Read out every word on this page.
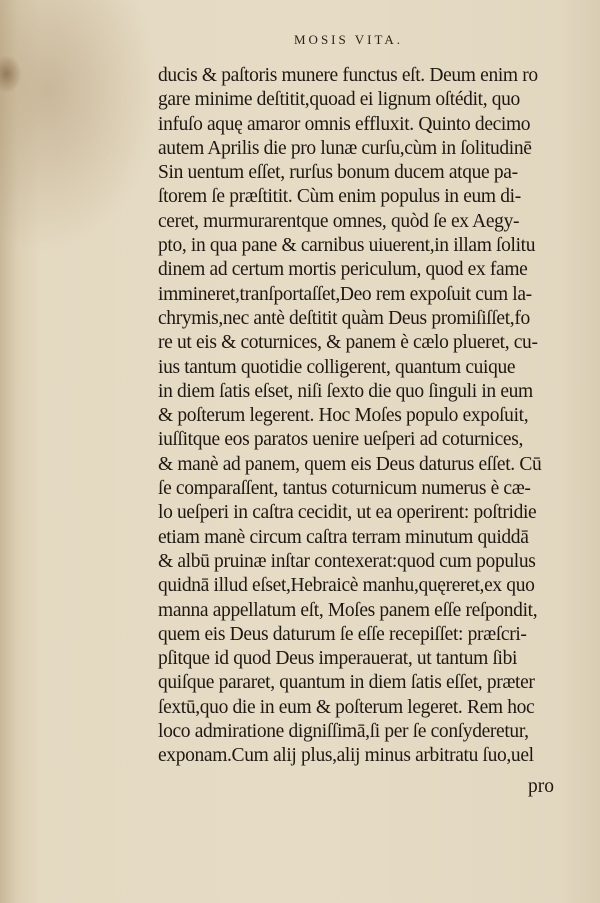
MOSIS VITA.
ducis & paſtoris munere functus eſt. Deum enim ro
gare minime deſtitit,quoad ei lignum oſtédit, quo
infuſo aquę amaror omnis effluxit. Quinto decimo
autem Aprilis die pro lunæ curſu,cùm in ſolitudinē
Sin uentum eſſet, rurſus bonum ducem atque pa-
ſtorem ſe præſtitit. Cùm enim populus in eum di-
ceret, murmurarentque omnes, quòd ſe ex Aegy-
pto, in qua pane & carnibus uiuerent,in illam ſolitu
dinem ad certum mortis periculum, quod ex fame
immineret,tranſportaſſet,Deo rem expoſuit cum la-
chrymis,nec antè deſtitit quàm Deus promiſiſſet,fo
re ut eis & coturnices, & panem è cælo plueret, cu-
ius tantum quotidie colligerent, quantum cuique
in diem ſatis eſset, niſi ſexto die quo ſinguli in eum
& poſterum legerent. Hoc Moſes populo expoſuit,
iuſſitque eos paratos uenire ueſperi ad coturnices,
& manè ad panem, quem eis Deus daturus eſſet. Cū
ſe comparaſſent, tantus coturnicum numerus è cæ-
lo ueſperi in caſtra cecidit, ut ea operirent: poſtridie
etiam manè circum caſtra terram minutum quiddā
& albū pruinæ inſtar contexerat:quod cum populus
quidnā illud eſset,Hebraicè manhu,quęreret,ex quo
manna appellatum eſt, Moſes panem eſſe reſpondit,
quem eis Deus daturum ſe eſſe recepiſſet: præſcri-
pſitque id quod Deus imperauerat, ut tantum ſibi
quiſque pararet, quantum in diem ſatis eſſet, præter
ſextū,quo die in eum & poſterum legeret. Rem hoc
loco admiratione digniſſimā,ſi per ſe conſyderetur,
exponam.Cum alij plus,alij minus arbitratu ſuo,uel
pro
